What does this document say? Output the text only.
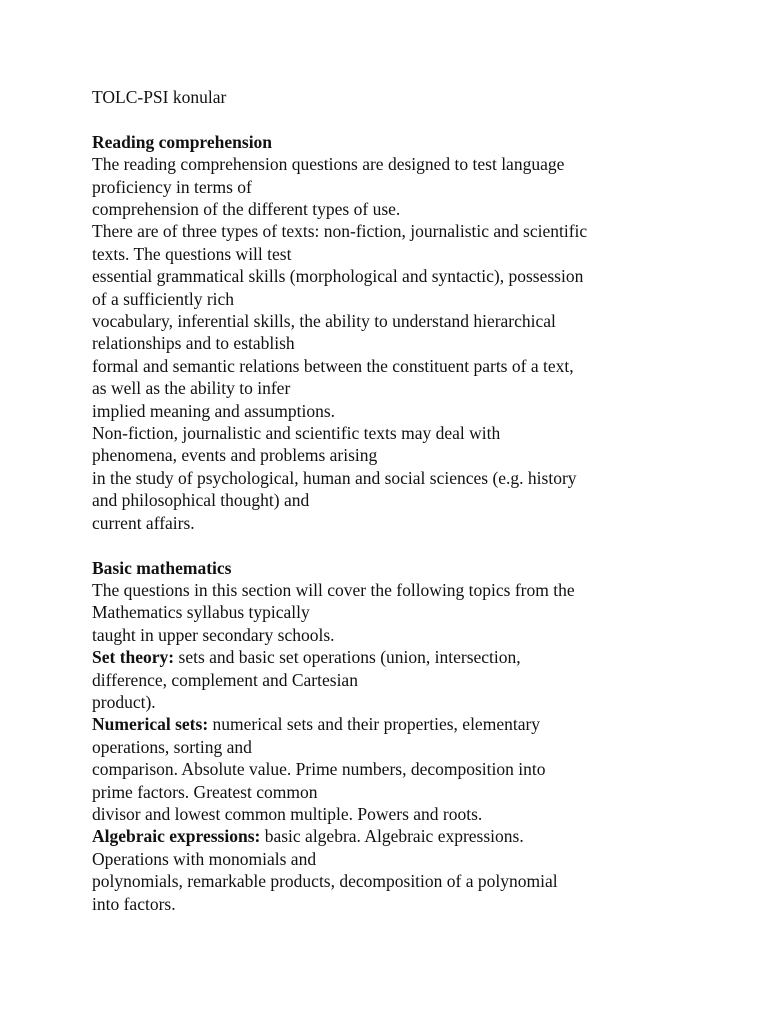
TOLC-PSI konular
Reading comprehension
The reading comprehension questions are designed to test language
proficiency in terms of
comprehension of the different types of use.
There are of three types of texts: non-fiction, journalistic and scientific
texts. The questions will test
essential grammatical skills (morphological and syntactic), possession
of a sufficiently rich
vocabulary, inferential skills, the ability to understand hierarchical
relationships and to establish
formal and semantic relations between the constituent parts of a text,
as well as the ability to infer
implied meaning and assumptions.
Non-fiction, journalistic and scientific texts may deal with
phenomena, events and problems arising
in the study of psychological, human and social sciences (e.g. history
and philosophical thought) and
current affairs.
Basic mathematics
The questions in this section will cover the following topics from the
Mathematics syllabus typically
taught in upper secondary schools.
Set theory: sets and basic set operations (union, intersection,
difference, complement and Cartesian
product).
Numerical sets: numerical sets and their properties, elementary
operations, sorting and
comparison. Absolute value. Prime numbers, decomposition into
prime factors. Greatest common
divisor and lowest common multiple. Powers and roots.
Algebraic expressions: basic algebra. Algebraic expressions.
Operations with monomials and
polynomials, remarkable products, decomposition of a polynomial
into factors.
